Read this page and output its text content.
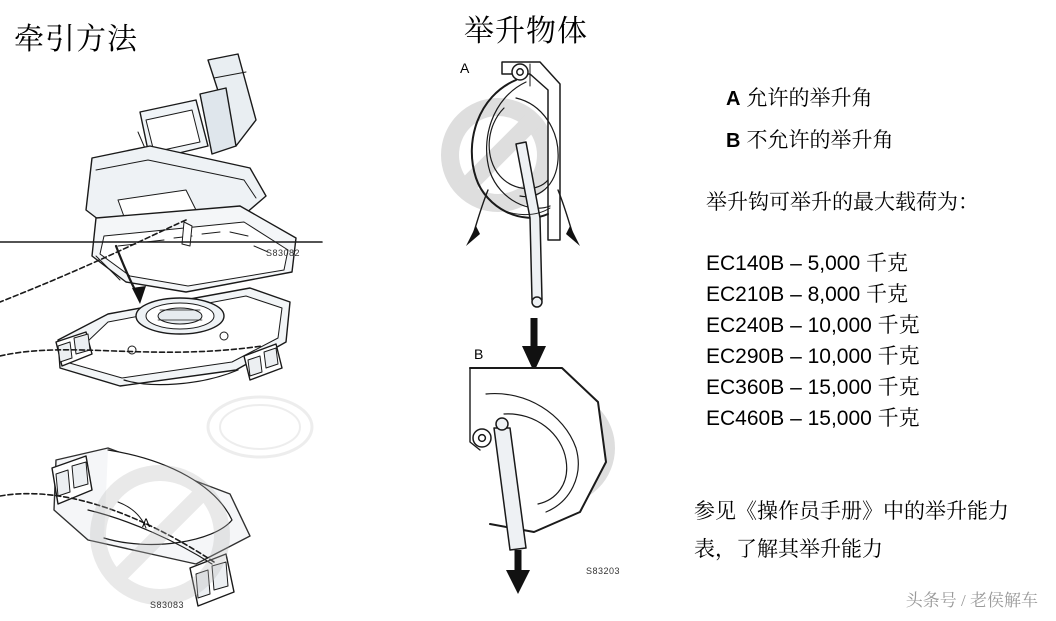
牵引方法	举升物体
S83082
S83083
A
A
B
S83203
A 允许的举升角
B 不允许的举升角
举升钩可举升的最大载荷为：
EC140B – 5,000 千克
EC210B – 8,000 千克
EC240B – 10,000 千克
EC290B – 10,000 千克
EC360B – 15,000 千克
EC460B – 15,000 千克
参见《操作员手册》中的举升能力表，了解其举升能力
头条号 / 老侯解车
